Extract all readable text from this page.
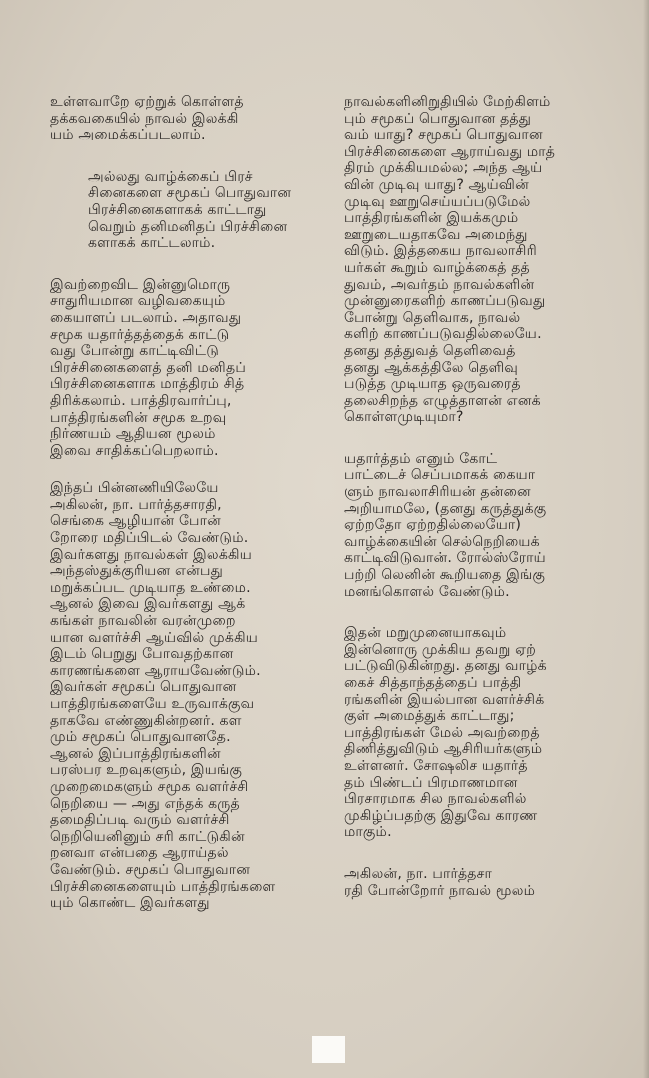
உள்ளவாறே ஏற்றுக் கொள்ளத்
தக்கவகையில் நாவல் இலக்கி
யம் அமைக்கப்படலாம்.

அல்லது வாழ்க்கைப் பிரச்
சினைகளை சமூகப் பொதுவான
பிரச்சினைகளாகக் காட்டாது
வெறும் தனிமனிதப் பிரச்சினை
களாகக் காட்டலாம்.

இவற்றைவிட இன்னுமொரு
சாதுரியமான வழிவகையும்
கையாளப் படலாம். அதாவது
சமூக யதார்த்தத்தைக் காட்டு
வது போன்று காட்டிவிட்டு
பிரச்சினைகளைத் தனி மனிதப்
பிரச்சினைகளாக மாத்திரம் சித்
திரிக்கலாம். பாத்திரவார்ப்பு,
பாத்திரங்களின் சமூக உறவு
நிர்ணயம் ஆதியன மூலம்
இவை சாதிக்கப்பெறலாம்.

இந்தப் பின்னணியிலேயே
அகிலன், நா. பார்த்தசாரதி,
செங்கை ஆழியான் போன்
றோரை மதிப்பிடல் வேண்டும்.
இவர்களது நாவல்கள் இலக்கிய
அந்தஸ்துக்குரியன என்பது
மறுக்கப்பட முடியாத உண்மை.
ஆனல் இவை இவர்களது ஆக்
கங்கள் நாவலின் வரன்முறை
யான வளர்ச்சி ஆய்வில் முக்கிய
இடம் பெறுது போவதற்கான
காரணங்களை ஆராயவேண்டும்.
இவர்கள் சமூகப் பொதுவான
பாத்திரங்களையே உருவாக்குவ
தாகவே எண்ணுகின்றனர். கள
மும் சமூகப் பொதுவானதே.
ஆனல் இப்பாத்திரங்களின்
பரஸ்பர உறவுகளும், இயங்கு
முறைமைகளும் சமூக வளர்ச்சி
நெறியை — அது எந்தக் கருத்
தமைதிப்படி வரும் வளர்ச்சி
நெறியெனினும் சரி காட்டுகின்
றனவா என்பதை ஆராய்தல்
வேண்டும். சமூகப் பொதுவான
பிரச்சினைகளையும் பாத்திரங்களை
யும் கொண்ட இவர்களது

நாவல்களினிறுதியில் மேற்கிளம்
பும் சமூகப் பொதுவான தத்து
வம் யாது? சமூகப் பொதுவான
பிரச்சினைகளை ஆராய்வது மாத்
திரம் முக்கியமல்ல; அந்த ஆய்
வின் முடிவு யாது? ஆய்வின்
முடிவு ஊறுசெய்யப்படுமேல்
பாத்திரங்களின் இயக்கமும்
ஊறுடையதாகவே அமைந்து
விடும். இத்தகைய நாவலாசிரி
யர்கள் கூறும் வாழ்க்கைத் தத்
துவம், அவர்தம் நாவல்களின்
முன்னுரைகளிற் காணப்படுவது
போன்று தெளிவாக, நாவல்
களிற் காணப்படுவதில்லையே.
தனது தத்துவத் தெளிவைத்
தனது ஆக்கத்திலே தெளிவு
படுத்த முடியாத ஒருவரைத்
தலைசிறந்த எழுத்தாளன் எனக்
கொள்ளமுடியுமா?

யதார்த்தம் எனும் கோட்
பாட்டைச் செப்பமாகக் கையா
ளும் நாவலாசிரியன் தன்னை
அறியாமலே, (தனது கருத்துக்கு
ஏற்றதோ ஏற்றதில்லையோ)
வாழ்க்கையின் செல்நெறியைக்
காட்டிவிடுவான். ரோல்ஸ்ரோய்
பற்றி லெனின் கூறியதை இங்கு
மனங்கொளல் வேண்டும்.

இதன் மறுமுனையாகவும்
இன்னொரு முக்கிய தவறு ஏற்
பட்டுவிடுகின்றது. தனது வாழ்க்
கைச் சித்தாந்தத்தைப் பாத்தி
ரங்களின் இயல்பான வளர்ச்சிக்
குள் அமைத்துக் காட்டாது;
பாத்திரங்கள் மேல் அவற்றைத்
திணித்துவிடும் ஆசிரியர்களும்
உள்ளனர். சோஷலிச யதார்த்
தம் பிண்டப் பிரமாணமான
பிரசாரமாக சில நாவல்களில்
முகிழ்ப்பதற்கு இதுவே காரண
மாகும்.

அகிலன், நா. பார்த்தசா
ரதி போன்றோர் நாவல் மூலம்
